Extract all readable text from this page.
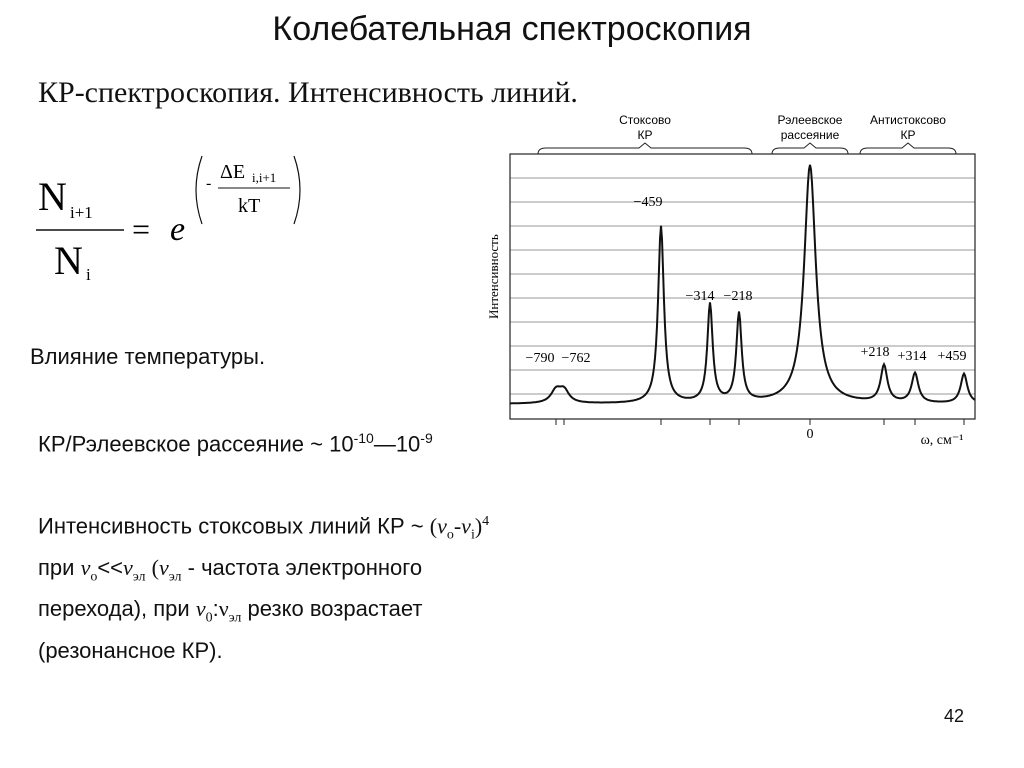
Колебательная спектроскопия
КР-спектроскопия. Интенсивность линий.
N i+1
N i
= e
-
ΔE i,i+1
kT
Влияние температуры.
КР/Рэлеевское рассеяние ~ $10^{-10}—10^{-9}$
Интенсивность стоксовых линий КР ~ $(\nu_o-\nu_i)^4$
при $\nu_o<<\nu_{эл}$ ($\nu_{эл}$ - частота электронного
перехода), при $\nu_0:\nu_{эл}$ резко возрастает
(резонансное КР).
42
Стоксово
КР
Рэлеевское
рассеяние
Антистоксово
КР
−790 −762
−459
−314 −218
+218 +314 +459
Интенсивность
ω, см⁻¹
0
